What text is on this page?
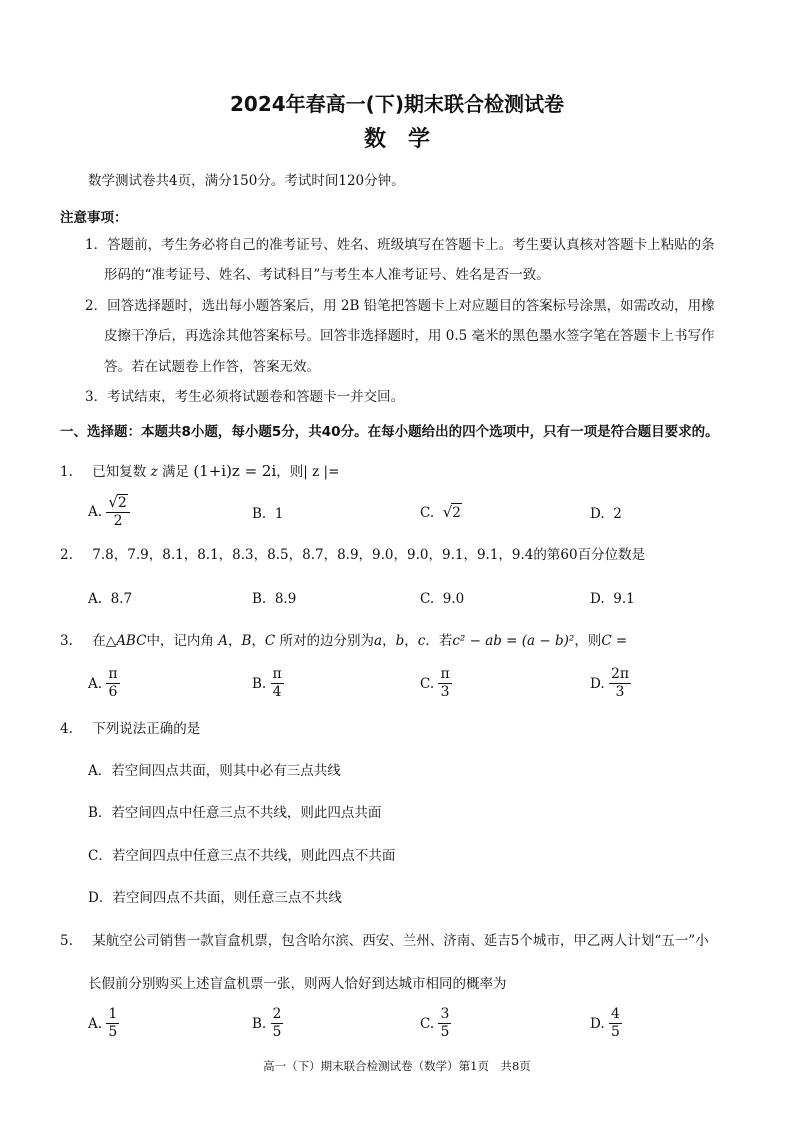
2024年春高一(下)期末联合检测试卷
数学
数学测试卷共4页，满分150分。考试时间120分钟。
注意事项：
1．答题前，考生务必将自己的准考证号、姓名、班级填写在答题卡上。考生要认真核对答题卡上粘贴的条
形码的“准考证号、姓名、考试科目”与考生本人准考证号、姓名是否一致。
2．回答选择题时，选出每小题答案后，用 2B 铅笔把答题卡上对应题目的答案标号涂黑，如需改动，用橡
皮擦干净后，再选涂其他答案标号。回答非选择题时，用 0.5 毫米的黑色墨水签字笔在答题卡上书写作
答。若在试题卷上作答，答案无效。
3．考试结束，考生必须将试题卷和答题卡一并交回。
一、选择题：本题共8小题，每小题5分，共40分。在每小题给出的四个选项中，只有一项是符合题目要求的。
1. 已知复数 z 满足 (1+i)z = 2i，则| z |=
A. $\frac{√2}{2}$	B. 1	C. √2	D. 2
2. 7.8，7.9，8.1，8.1，8.3，8.5，8.7，8.9，9.0，9.0，9.1，9.1，9.4的第60百分位数是
A. 8.7	B. 8.9	C. 9.0	D. 9.1
3. 在△ABC中，记内角 A，B，C 所对的边分别为a，b，c．若c² − ab = (a − b)²，则C =
A. $\frac{\pi}{6}$	B. $\frac{\pi}{4}$	C. $\frac{\pi}{3}$	D. $\frac{2\pi}{3}$
4. 下列说法正确的是
A．若空间四点共面，则其中必有三点共线
B．若空间四点中任意三点不共线，则此四点共面
C．若空间四点中任意三点不共线，则此四点不共面
D．若空间四点不共面，则任意三点不共线
5. 某航空公司销售一款盲盒机票，包含哈尔滨、西安、兰州、济南、延吉5个城市，甲乙两人计划“五一”小
长假前分别购买上述盲盒机票一张，则两人恰好到达城市相同的概率为
A. $\frac{1}{5}$	B. $\frac{2}{5}$	C. $\frac{3}{5}$	D. $\frac{4}{5}$
高一（下）期末联合检测试卷（数学）第1页　共8页
